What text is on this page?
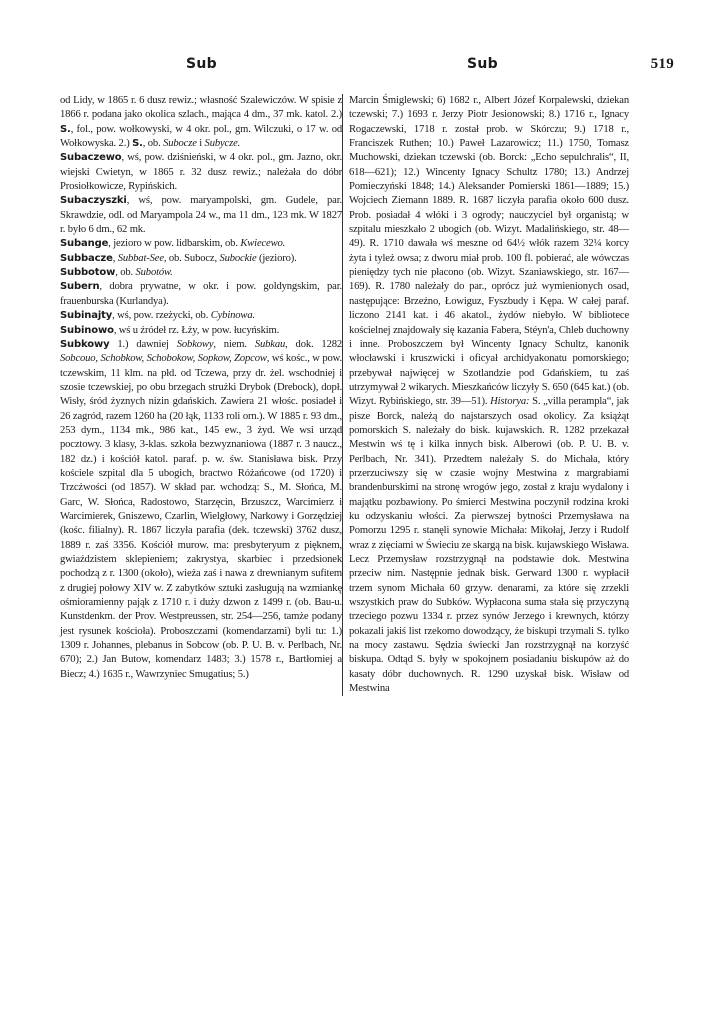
Sub	Sub	519

od Lidy, w 1865 r. 6 dusz rewiz.; własność Szalewiczów. W spisie z 1866 r. podana jako okolica szlach., mająca 4 dm., 37 mk. katol. 2.) S., fol., pow. wołkowyski, w 4 okr. pol., gm. Wilczuki, o 17 w. od Wołkowyska. 2.) S., ob. Subocze i Subycze.

Subaczewo, wś, pow. dziśnieński, w 4 okr. pol., gm. Jazno, okr. wiejski Cwietyn, w 1865 r. 32 dusz rewiz.; należała do dóbr Prosiołkowicze, Rypińskich.

Subaczyszki, wś, pow. maryampolski, gm. Gudele, par. Skrawdzie, odl. od Maryampola 24 w., ma 11 dm., 123 mk. W 1827 r. było 6 dm., 62 mk.

Subange, jezioro w pow. lidbarskim, ob. Kwiecewo.

Subbacze, Subbat-See, ob. Subocz, Subockie (jezioro).

Subbotow, ob. Subotów.

Subern, dobra prywatne, w okr. i pow. goldyngskim, par. frauenburska (Kurlandya).

Subinajty, wś, pow. rzeżycki, ob. Cybinowa.

Subinowo, wś u źródeł rz. Łży, w pow. łucyńskim.

Subkowy 1.) dawniej Sobkowy, niem. Subkau, dok. 1282 Sobcouo, Schobkow, Schobokow, Sopkow, Zopcow, wś kośc., w pow. tczewskim, 11 klm. na płd. od Tczewa, przy dr. żel. wschodniej i szosie tczewskiej, po obu brzegach strużki Drybok (Drebock), dopł. Wisły, śród żyznych nizin gdańskich. Zawiera 21 włośc. posiadeł i 26 zagród, razem 1260 ha (20 łąk, 1133 roli orn.). W 1885 r. 93 dm., 253 dym., 1134 mk., 986 kat., 145 ew., 3 żyd. We wsi urząd pocztowy. 3 klasy, 3-klas. szkoła bezwyznaniowa (1887 r. 3 naucz., 182 dz.) i kościół katol. paraf. p. w. św. Stanisława bisk. Przy kościele szpital dla 5 ubogich, bractwo Różańcowe (od 1720) i Trzcźwości (od 1857). W skład par. wchodzą: S., M. Słońca, M. Garc, W. Słońca, Radostowo, Starzęcin, Brzuszcz, Warcimierz i Warcimierek, Gniszewo, Czarlin, Wielgłowy, Narkowy i Gorzędziej (kośc. filialny). R. 1867 liczyła parafia (dek. tczewski) 3762 dusz, 1889 r. zaś 3356. Kościół murow. ma: presbyteryum z pięknem, gwiaździstem sklepieniem; zakrystya, skarbiec i przedsionek pochodzą z r. 1300 (około), wieża zaś i nawa z drewnianym sufitem z drugiej połowy XIV w. Z zabytków sztuki zasługują na wzmiankę ośmioramienny pająk z 1710 r. i duży dzwon z 1499 r. (ob. Bau-u. Kunstdenkm. der Prov. Westpreussen, str. 254—256, tamże podany jest rysunek kościoła). Proboszczami (komendarzami) byli tu: 1.) 1309 r. Johannes, plebanus in Sobcow (ob. P. U. B. v. Perlbach, Nr. 670); 2.) Jan Butow, komendarz 1483; 3.) 1578 r., Bartłomiej a Biecz; 4.) 1635 r., Wawrzyniec Smugatius; 5.)

Marcin Śmiglewski; 6) 1682 r., Albert Józef Korpalewski, dziekan tczewski; 7.) 1693 r. Jerzy Piotr Jesionowski; 8.) 1716 r., Ignacy Rogaczewski, 1718 r. został prob. w Skórczu; 9.) 1718 r., Franciszek Ruthen; 10.) Paweł Lazarowicz; 11.) 1750, Tomasz Muchowski, dziekan tczewski (ob. Borck: „Echo sepulchralis“, II, 618—621); 12.) Wincenty Ignacy Schultz 1780; 13.) Andrzej Pomieczyński 1848; 14.) Aleksander Pomierski 1861—1889; 15.) Wojciech Ziemann 1889. R. 1687 liczyła parafia około 600 dusz. Prob. posiadał 4 włóki i 3 ogrody; nauczyciel był organistą; w szpitalu mieszkało 2 ubogich (ob. Wizyt. Madalińskiego, str. 48—49). R. 1710 dawała wś meszne od 64½ włók razem 32¼ korcy żyta i tyleż owsa; z dworu miał prob. 100 fl. pobierać, ale wówczas pieniędzy tych nie płacono (ob. Wizyt. Szaniawskiego, str. 167—169). R. 1780 należały do par., oprócz już wymienionych osad, następujące: Brzeźno, Łowiguz, Fyszbudy i Kępa. W całej paraf. liczono 2141 kat. i 46 akatol., żydów niebyło. W bibliotece kościelnej znajdowały się kazania Fabera, Stéyn'a, Chleb duchowny i inne. Proboszczem był Wincenty Ignacy Schultz, kanonik włocławski i kruszwicki i oficyał archidyakonatu pomorskiego; przebywał najwięcej w Szotlandzie pod Gdańskiem, tu zaś utrzymywał 2 wikarych. Mieszkańców liczyły S. 650 (645 kat.) (ob. Wizyt. Rybińskiego, str. 39—51). Historya: S. „villa perampla“, jak pisze Borck, należą do najstarszych osad okolicy. Za książąt pomorskich S. należały do bisk. kujawskich. R. 1282 przekazał Mestwin wś tę i kilka innych bisk. Alberowi (ob. P. U. B. v. Perlbach, Nr. 341). Przedtem należały S. do Michała, który przerzuciwszy się w czasie wojny Mestwina z margrabiami brandenburskimi na stronę wrogów jego, został z kraju wydalony i majątku pozbawiony. Po śmierci Mestwina poczynił rodzina kroki ku odzyskaniu włości. Za pierwszej bytności Przemysława na Pomorzu 1295 r. stanęli synowie Michała: Mikołaj, Jerzy i Rudolf wraz z zięciami w Świeciu ze skargą na bisk. kujawskiego Wisława. Lecz Przemysław rozstrzygnął na podstawie dok. Mestwina przeciw nim. Następnie jednak bisk. Gerward 1300 r. wypłacił trzem synom Michała 60 grzyw. denarami, za które się zrzekli wszystkich praw do Subków. Wypłacona suma stała się przyczyną trzeciego pozwu 1334 r. przez synów Jerzego i krewnych, którzy pokazali jakiś list rzekomo dowodzący, że biskupi trzymali S. tylko na mocy zastawu. Sędzia świecki Jan rozstrzygnął na korzyść biskupa. Odtąd S. były w spokojnem posiadaniu biskupów aż do kasaty dóbr duchownych. R. 1290 uzyskał bisk. Wisław od Mestwina
